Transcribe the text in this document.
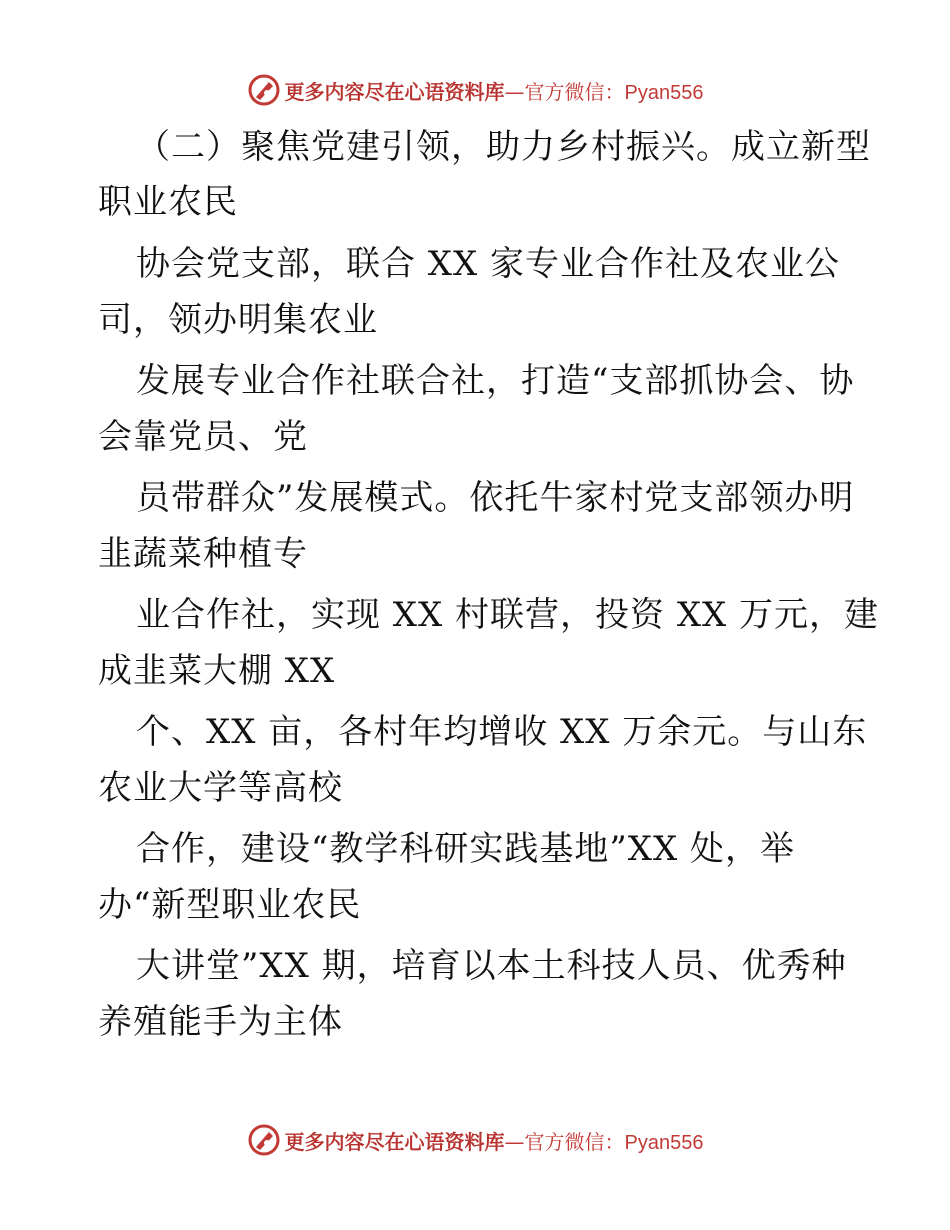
更多内容尽在心语资料库—官方微信：Pyan556
（二）聚焦党建引领，助力乡村振兴。成立新型
职业农民
协会党支部，联合 XX 家专业合作社及农业公
司，领办明集农业
发展专业合作社联合社，打造“支部抓协会、协
会靠党员、党
员带群众”发展模式。依托牛家村党支部领办明
韭蔬菜种植专
业合作社，实现 XX 村联营，投资 XX 万元，建
成韭菜大棚 XX
个、XX 亩，各村年均增收 XX 万余元。与山东
农业大学等高校
合作，建设“教学科研实践基地”XX 处，举
办“新型职业农民
大讲堂”XX 期，培育以本土科技人员、优秀种
养殖能手为主体
更多内容尽在心语资料库—官方微信：Pyan556
